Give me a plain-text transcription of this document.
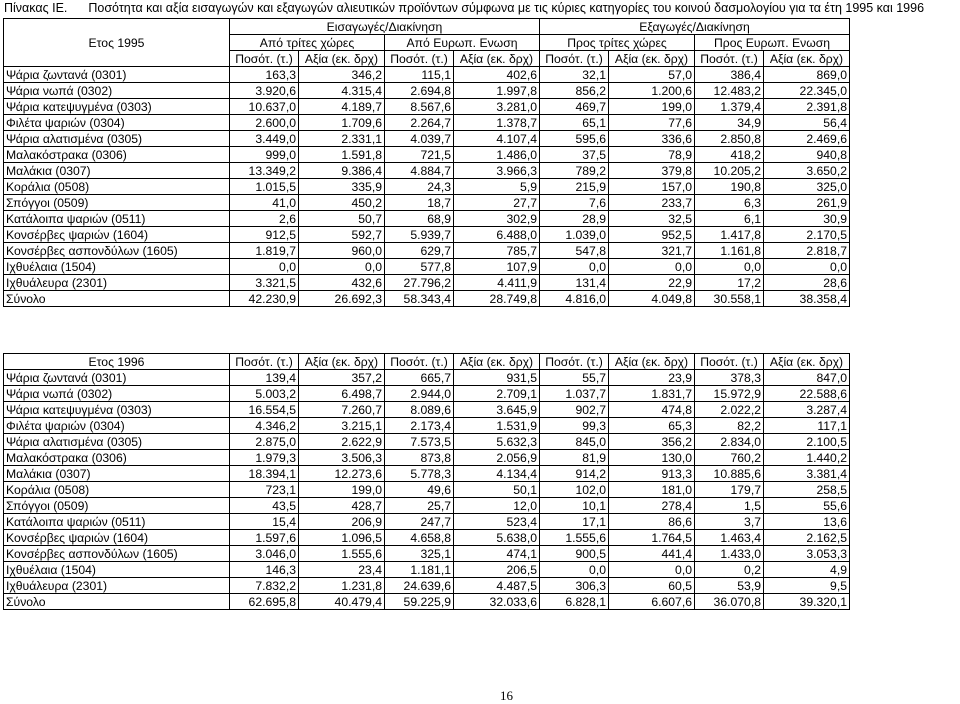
Πίνακας ΙΕ. Ποσότητα και αξία εισαγωγών και εξαγωγών αλιευτικών προϊόντων σύμφωνα με τις κύριες κατηγορίες του κοινού δασμολογίου για τα έτη 1995 και 1996
	Εισαγωγές/Διακίνηση				Εξαγωγές/Διακίνηση			
Ετος 1995	Από τρίτες χώρες		Από Ευρωπ. Ενωση		Προς τρίτες χώρες		Προς Ευρωπ. Ενωση	
	Ποσότ. (τ.)	Αξία (εκ. δρχ)	Ποσότ. (τ.)	Αξία (εκ. δρχ)	Ποσότ. (τ.)	Αξία (εκ. δρχ)	Ποσότ. (τ.)	Αξία (εκ. δρχ)
Ψάρια ζωντανά (0301)	163,3	346,2	115,1	402,6	32,1	57,0	386,4	869,0
Ψάρια νωπά (0302)	3.920,6	4.315,4	2.694,8	1.997,8	856,2	1.200,6	12.483,2	22.345,0
Ψάρια κατεψυγμένα (0303)	10.637,0	4.189,7	8.567,6	3.281,0	469,7	199,0	1.379,4	2.391,8
Φιλέτα ψαριών (0304)	2.600,0	1.709,6	2.264,7	1.378,7	65,1	77,6	34,9	56,4
Ψάρια αλατισμένα (0305)	3.449,0	2.331,1	4.039,7	4.107,4	595,6	336,6	2.850,8	2.469,6
Μαλακόστρακα (0306)	999,0	1.591,8	721,5	1.486,0	37,5	78,9	418,2	940,8
Μαλάκια (0307)	13.349,2	9.386,4	4.884,7	3.966,3	789,2	379,8	10.205,2	3.650,2
Κοράλια (0508)	1.015,5	335,9	24,3	5,9	215,9	157,0	190,8	325,0
Σπόγγοι (0509)	41,0	450,2	18,7	27,7	7,6	233,7	6,3	261,9
Κατάλοιπα ψαριών (0511)	2,6	50,7	68,9	302,9	28,9	32,5	6,1	30,9
Κονσέρβες ψαριών (1604)	912,5	592,7	5.939,7	6.488,0	1.039,0	952,5	1.417,8	2.170,5
Κονσέρβες ασπονδύλων (1605)	1.819,7	960,0	629,7	785,7	547,8	321,7	1.161,8	2.818,7
Ιχθυέλαια (1504)	0,0	0,0	577,8	107,9	0,0	0,0	0,0	0,0
Ιχθυάλευρα (2301)	3.321,5	432,6	27.796,2	4.411,9	131,4	22,9	17,2	28,6
Σύνολο	42.230,9	26.692,3	58.343,4	28.749,8	4.816,0	4.049,8	30.558,1	38.358,4
Ετος 1996	Ποσότ. (τ.)	Αξία (εκ. δρχ)	Ποσότ. (τ.)	Αξία (εκ. δρχ)	Ποσότ. (τ.)	Αξία (εκ. δρχ)	Ποσότ. (τ.)	Αξία (εκ. δρχ)
Ψάρια ζωντανά (0301)	139,4	357,2	665,7	931,5	55,7	23,9	378,3	847,0
Ψάρια νωπά (0302)	5.003,2	6.498,7	2.944,0	2.709,1	1.037,7	1.831,7	15.972,9	22.588,6
Ψάρια κατεψυγμένα (0303)	16.554,5	7.260,7	8.089,6	3.645,9	902,7	474,8	2.022,2	3.287,4
Φιλέτα ψαριών (0304)	4.346,2	3.215,1	2.173,4	1.531,9	99,3	65,3	82,2	117,1
Ψάρια αλατισμένα (0305)	2.875,0	2.622,9	7.573,5	5.632,3	845,0	356,2	2.834,0	2.100,5
Μαλακόστρακα (0306)	1.979,3	3.506,3	873,8	2.056,9	81,9	130,0	760,2	1.440,2
Μαλάκια (0307)	18.394,1	12.273,6	5.778,3	4.134,4	914,2	913,3	10.885,6	3.381,4
Κοράλια (0508)	723,1	199,0	49,6	50,1	102,0	181,0	179,7	258,5
Σπόγγοι (0509)	43,5	428,7	25,7	12,0	10,1	278,4	1,5	55,6
Κατάλοιπα ψαριών (0511)	15,4	206,9	247,7	523,4	17,1	86,6	3,7	13,6
Κονσέρβες ψαριών (1604)	1.597,6	1.096,5	4.658,8	5.638,0	1.555,6	1.764,5	1.463,4	2.162,5
Κονσέρβες ασπονδύλων (1605)	3.046,0	1.555,6	325,1	474,1	900,5	441,4	1.433,0	3.053,3
Ιχθυέλαια (1504)	146,3	23,4	1.181,1	206,5	0,0	0,0	0,2	4,9
Ιχθυάλευρα (2301)	7.832,2	1.231,8	24.639,6	4.487,5	306,3	60,5	53,9	9,5
Σύνολο	62.695,8	40.479,4	59.225,9	32.033,6	6.828,1	6.607,6	36.070,8	39.320,1
16
